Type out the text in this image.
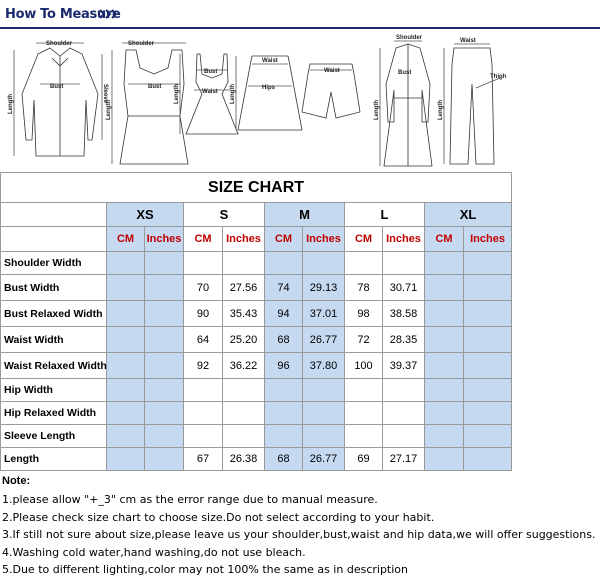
How To Measure
Shoulder
Bust
Length
Sleeve
Shoulder
Bust
Length
Bust
Waist
Length
Waist
Hips
Length
Waist
Shoulder
Bust
Length
Waist
Thigh
Length
SIZE CHART										
	XS		S		M		L		XL	
	CM	Inches	CM	Inches	CM	Inches	CM	Inches	CM	Inches
Shoulder Width										
Bust Width			70	27.56	74	29.13	78	30.71		
Bust Relaxed Width			90	35.43	94	37.01	98	38.58		
Waist Width			64	25.20	68	26.77	72	28.35		
Waist Relaxed Width			92	36.22	96	37.80	100	39.37		
Hip Width										
Hip Relaxed Width										
Sleeve Length										
Length			67	26.38	68	26.77	69	27.17		
Note:
1.please allow "+_3" cm as the error range due to manual measure.
2.Please check size chart to choose size.Do not select according to your habit.
3.If still not sure about size,please leave us your shoulder,bust,waist and hip data,we will offer suggestions.
4.Washing cold water,hand washing,do not use bleach.
5.Due to different lighting,color may not 100% the same as in description
